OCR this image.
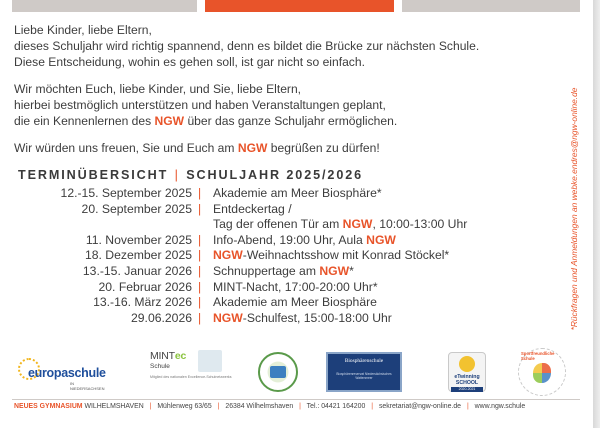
Liebe Kinder, liebe Eltern,
dieses Schuljahr wird richtig spannend, denn es bildet die Brücke zur nächsten Schule.
Diese Entscheidung, wohin es gehen soll, ist gar nicht so einfach.

Wir möchten Euch, liebe Kinder, und Sie, liebe Eltern,
hierbei bestmöglich unterstützen und haben Veranstaltungen geplant,
die ein Kennenlernen des NGW über das ganze Schuljahr ermöglichen.

Wir würden uns freuen, Sie und Euch am NGW begrüßen zu dürfen!

TERMINÜBERSICHT | SCHULJAHR 2025/2026
12.-15. September 2025 | Akademie am Meer Biosphäre*
20. September 2025 | Entdeckertag /
Tag der offenen Tür am NGW, 10:00-13:00 Uhr
11. November 2025 | Info-Abend, 19:00 Uhr, Aula NGW
18. Dezember 2025 | NGW-Weihnachtsshow mit Konrad Stöckel*
13.-15. Januar 2026 | Schnuppertage am NGW*
20. Februar 2026 | MINT-Nacht, 17:00-20:00 Uhr*
13.-16. März 2026 | Akademie am Meer Biosphäre
29.06.2026 | NGW-Schulfest, 15:00-18:00 Uhr	*Rückfragen und Anmeldungen an webke.endres@ngw-online.de
europaschule
IN NIEDERSACHSEN
MINTec
Schule
Mitglied des nationalen Excellence-Schulnetzwerks
Biosphärenschule
Biosphärenreservat Niedersächsisches Wattenmeer	eTwinning SCHOOL
2020-2021
Sportfreundliche Schule
NEUES GYMNASIUM WILHELMSHAVEN | Mühlenweg 63/65 | 26384 Wilhelmshaven | Tel.: 04421 164200 | sekretariat@ngw-online.de | www.ngw.schule
